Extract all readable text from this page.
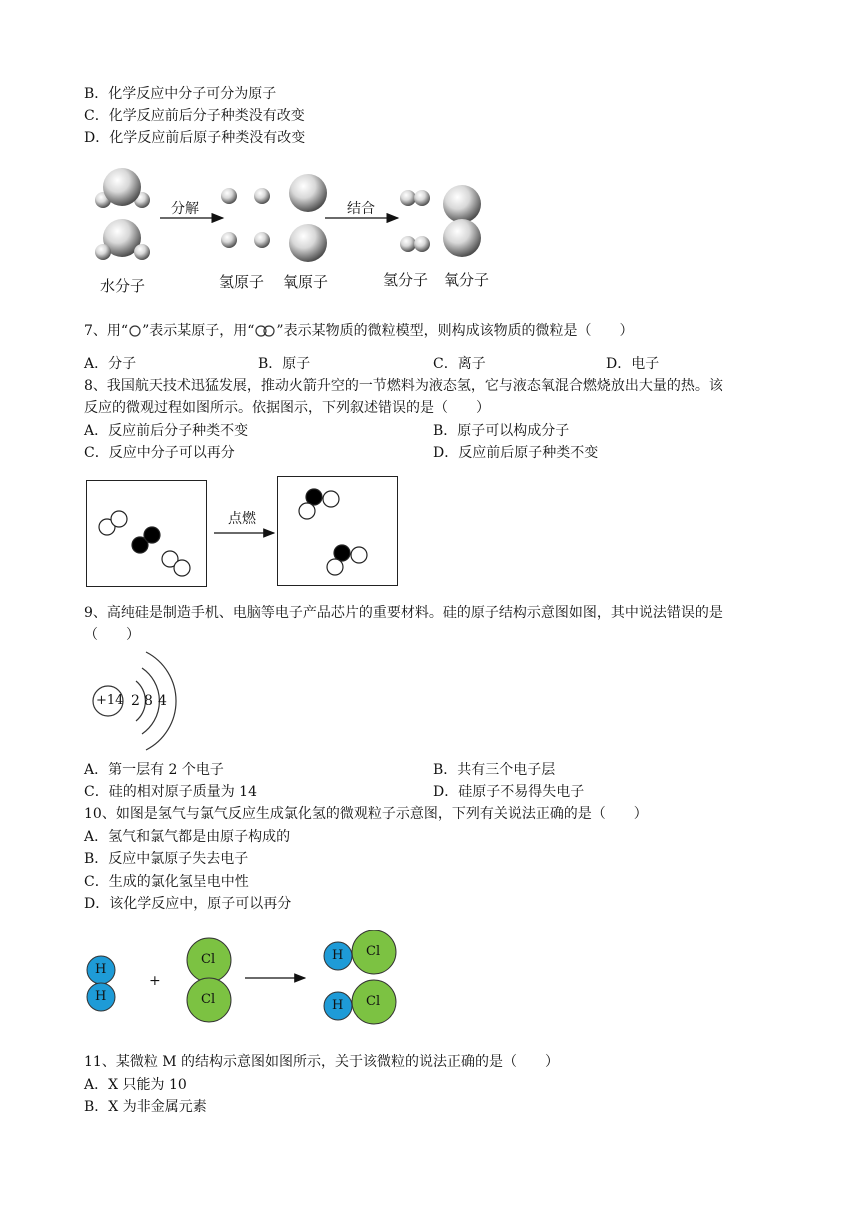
B．化学反应中分子可分为原子
C．化学反应前后分子种类没有改变
D．化学反应前后原子种类没有改变
分解	结合
水分子	氢原子 氧原子	氢分子 氧分子
7、用“ ”表示某原子，用“ ”表示某物质的微粒模型，则构成该物质的微粒是（　　）
A．分子	B．原子	C．离子	D．电子
8、我国航天技术迅猛发展，推动火箭升空的一节燃料为液态氢，它与液态氧混合燃烧放出大量的热。该
反应的微观过程如图所示。依据图示，下列叙述错误的是（　　）
A．反应前后分子种类不变	B．原子可以构成分子
C．反应中分子可以再分	D．反应前后原子种类不变
点燃
9、高纯硅是制造手机、电脑等电子产品芯片的重要材料。硅的原子结构示意图如图，其中说法错误的是
（　　）
+14 2 8 4
A．第一层有 2 个电子	B．共有三个电子层
C．硅的相对原子质量为 14	D．硅原子不易得失电子
10、如图是氢气与氯气反应生成氯化氢的微观粒子示意图，下列有关说法正确的是（　　）
A．氢气和氯气都是由原子构成的
B．反应中氯原子失去电子
C．生成的氯化氢呈电中性
D．该化学反应中，原子可以再分
H
H
+
Cl
Cl
H Cl
H Cl
11、某微粒 M 的结构示意图如图所示，关于该微粒的说法正确的是（　　）
A．X 只能为 10
B．X 为非金属元素
